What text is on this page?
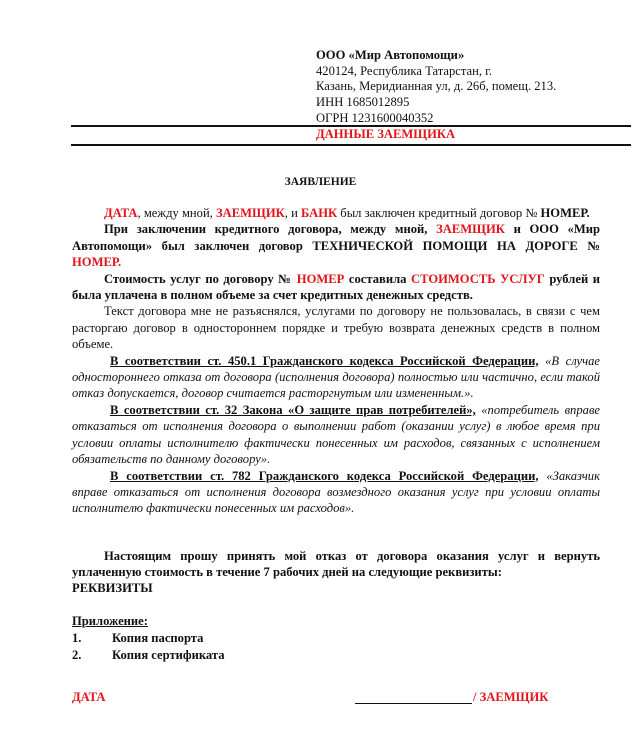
ООО «Мир Автопомощи»
420124, Республика Татарстан, г.
Казань, Меридианная ул, д. 26б, помещ. 213.
ИНН 1685012895
ОГРН 1231600040352
ДАННЫЕ ЗАЕМЩИКА
ЗАЯВЛЕНИЕ

ДАТА, между мной, ЗАЕМЩИК, и БАНК был заключен кредитный договор № НОМЕР.

При заключении кредитного договора, между мной, ЗАЕМЩИК и ООО «Мир Автопомощи» был заключен договор ТЕХНИЧЕСКОЙ ПОМОЩИ НА ДОРОГЕ № НОМЕР.

Стоимость услуг по договору № НОМЕР составила СТОИМОСТЬ УСЛУГ рублей и была уплачена в полном объеме за счет кредитных денежных средств.

Текст договора мне не разъяснялся, услугами по договору не пользовалась, в связи с чем расторгаю договор в одностороннем порядке и требую возврата денежных средств в полном объеме.

В соответствии ст. 450.1 Гражданского кодекса Российской Федерации, «В случае одностороннего отказа от договора (исполнения договора) полностью или частично, если такой отказ допускается, договор считается расторгнутым или измененным.».

В соответствии ст. 32 Закона «О защите прав потребителей», «потребитель вправе отказаться от исполнения договора о выполнении работ (оказании услуг) в любое время при условии оплаты исполнителю фактически понесенных им расходов, связанных с исполнением обязательств по данному договору».

В соответствии ст. 782 Гражданского кодекса Российской Федерации, «Заказчик вправе отказаться от исполнения договора возмездного оказания услуг при условии оплаты исполнителю фактически понесенных им расходов».

Настоящим прошу принять мой отказ от договора оказания услуг и вернуть уплаченную стоимость в течение 7 рабочих дней на следующие реквизиты:

РЕКВИЗИТЫ
Приложение:
1.	Копия паспорта
2.	Копия сертификата
ДАТА	/ ЗАЕМЩИК
